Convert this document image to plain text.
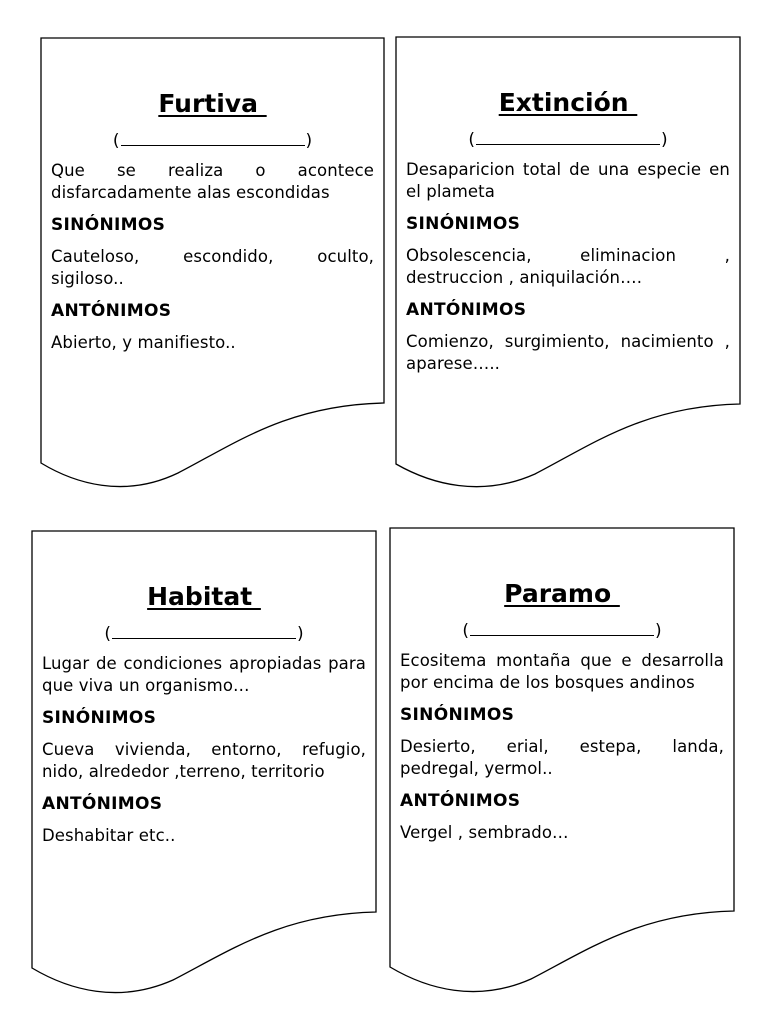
Furtiva

(	)

Que se realiza o acontece disfarcadamente alas escondidas

SINÓNIMOS

Cauteloso, escondido, oculto, sigiloso..

ANTÓNIMOS

Abierto, y manifiesto..

Extinción

(	)

Desaparicion total de una especie en el plameta

SINÓNIMOS

Obsolescencia, eliminacion , destruccion , aniquilación….

ANTÓNIMOS

Comienzo, surgimiento, nacimiento , aparese…..

Habitat

(	)

Lugar de condiciones apropiadas para que viva un organismo…

SINÓNIMOS

Cueva vivienda, entorno, refugio, nido, alrededor ,terreno, territorio

ANTÓNIMOS

Deshabitar etc..

Paramo

(	)

Ecositema montaña que e desarrolla por encima de los bosques andinos

SINÓNIMOS

Desierto, erial, estepa, landa, pedregal, yermol..

ANTÓNIMOS

Vergel , sembrado…
